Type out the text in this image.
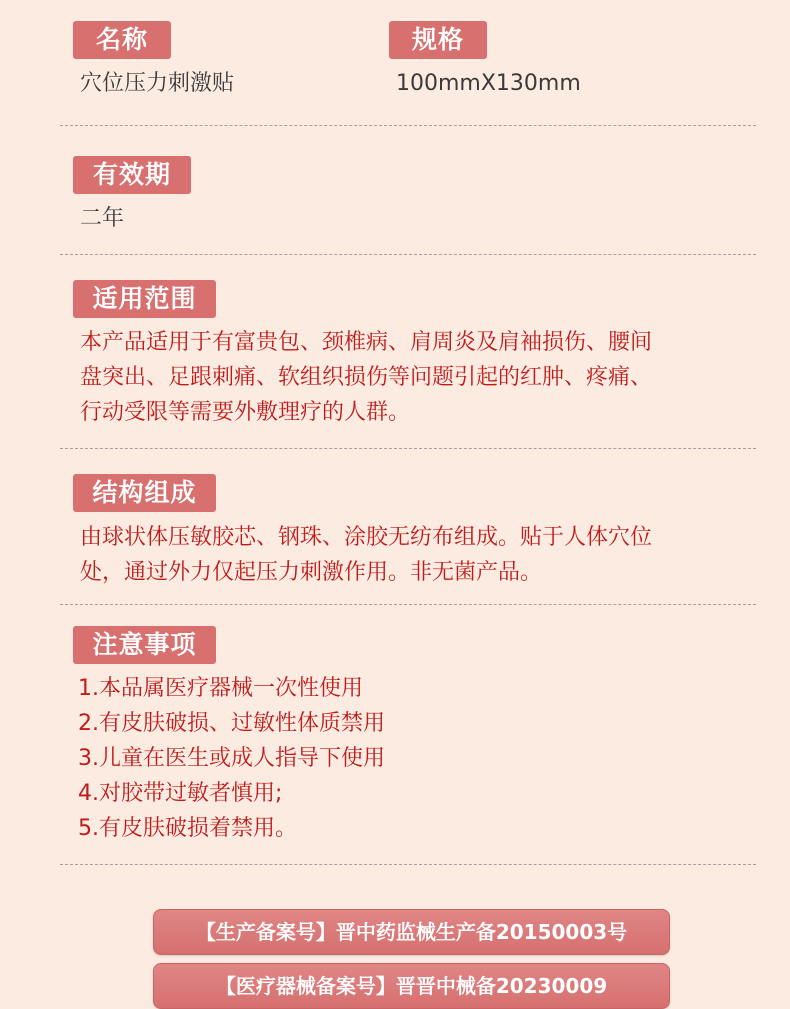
名称	规格
穴位压力刺激贴	100mmX130mm
有效期
二年
适用范围
本产品适用于有富贵包、颈椎病、肩周炎及肩袖损伤、腰间
盘突出、足跟刺痛、软组织损伤等问题引起的红肿、疼痛、
行动受限等需要外敷理疗的人群。
结构组成
由球状体压敏胶芯、钢珠、涂胶无纺布组成。贴于人体穴位
处，通过外力仅起压力刺激作用。非无菌产品。
注意事项
1.本品属医疗器械一次性使用
2.有皮肤破损、过敏性体质禁用
3.儿童在医生或成人指导下使用
4.对胶带过敏者慎用;
5.有皮肤破损着禁用。
【生产备案号】晋中药监械生产备20150003号
【医疗器械备案号】晋晋中械备20230009
